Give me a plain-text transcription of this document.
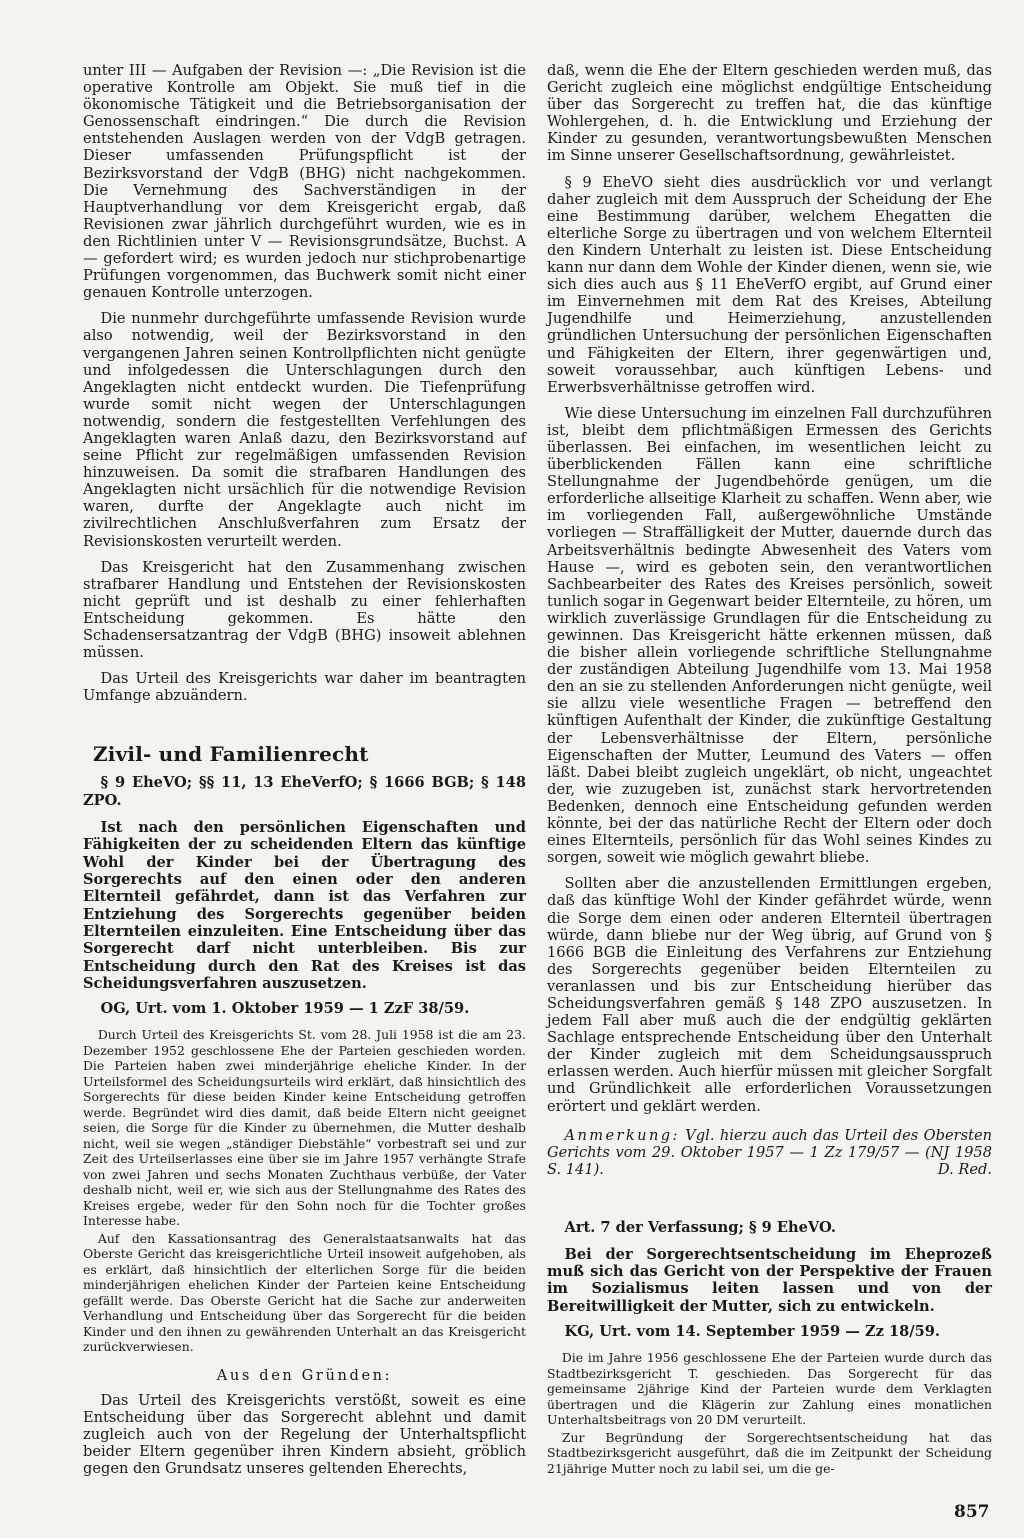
unter III — Aufgaben der Revision —: „Die Revision ist die operative Kontrolle am Objekt. Sie muß tief in die ökonomische Tätigkeit und die Betriebsorganisation der Genossenschaft eindringen.“ Die durch die Revision entstehenden Auslagen werden von der VdgB getragen. Dieser umfassenden Prüfungspflicht ist der Bezirksvorstand der VdgB (BHG) nicht nachgekommen. Die Vernehmung des Sachverständigen in der Hauptverhandlung vor dem Kreisgericht ergab, daß Revisionen zwar jährlich durchgeführt wurden, wie es in den Richtlinien unter V — Revisionsgrundsätze, Buchst. A — gefordert wird; es wurden jedoch nur stichprobenartige Prüfungen vorgenommen, das Buchwerk somit nicht einer genauen Kontrolle unterzogen.

Die nunmehr durchgeführte umfassende Revision wurde also notwendig, weil der Bezirksvorstand in den vergangenen Jahren seinen Kontrollpflichten nicht genügte und infolgedessen die Unterschlagungen durch den Angeklagten nicht entdeckt wurden. Die Tiefenprüfung wurde somit nicht wegen der Unterschlagungen notwendig, sondern die festgestellten Verfehlungen des Angeklagten waren Anlaß dazu, den Bezirksvorstand auf seine Pflicht zur regelmäßigen umfassenden Revision hinzuweisen. Da somit die strafbaren Handlungen des Angeklagten nicht ursächlich für die notwendige Revision waren, durfte der Angeklagte auch nicht im zivilrechtlichen Anschlußverfahren zum Ersatz der Revisionskosten verurteilt werden.

Das Kreisgericht hat den Zusammenhang zwischen strafbarer Handlung und Entstehen der Revisionskosten nicht geprüft und ist deshalb zu einer fehlerhaften Entscheidung gekommen. Es hätte den Schadensersatzantrag der VdgB (BHG) insoweit ablehnen müssen.

Das Urteil des Kreisgerichts war daher im beantragten Umfange abzuändern.

Zivil- und Familienrecht

§ 9 EheVO; §§ 11, 13 EheVerfO; § 1666 BGB; § 148 ZPO.

Ist nach den persönlichen Eigenschaften und Fähigkeiten der zu scheidenden Eltern das künftige Wohl der Kinder bei der Übertragung des Sorgerechts auf den einen oder den anderen Elternteil gefährdet, dann ist das Verfahren zur Entziehung des Sorgerechts gegenüber beiden Elternteilen einzuleiten. Eine Entscheidung über das Sorgerecht darf nicht unterbleiben. Bis zur Entscheidung durch den Rat des Kreises ist das Scheidungsverfahren auszusetzen.

OG, Urt. vom 1. Oktober 1959 — 1 ZzF 38/59.

Durch Urteil des Kreisgerichts St. vom 28. Juli 1958 ist die am 23. Dezember 1952 geschlossene Ehe der Parteien geschieden worden. Die Parteien haben zwei minderjährige eheliche Kinder. In der Urteilsformel des Scheidungsurteils wird erklärt, daß hinsichtlich des Sorgerechts für diese beiden Kinder keine Entscheidung getroffen werde. Begründet wird dies damit, daß beide Eltern nicht geeignet seien, die Sorge für die Kinder zu übernehmen, die Mutter deshalb nicht, weil sie wegen „ständiger Diebstähle“ vorbestraft sei und zur Zeit des Urteilserlasses eine über sie im Jahre 1957 verhängte Strafe von zwei Jahren und sechs Monaten Zuchthaus verbüße, der Vater deshalb nicht, weil er, wie sich aus der Stellungnahme des Rates des Kreises ergebe, weder für den Sohn noch für die Tochter großes Interesse habe.

Auf den Kassationsantrag des Generalstaatsanwalts hat das Oberste Gericht das kreisgerichtliche Urteil insoweit aufgehoben, als es erklärt, daß hinsichtlich der elterlichen Sorge für die beiden minderjährigen ehelichen Kinder der Parteien keine Entscheidung gefällt werde. Das Oberste Gericht hat die Sache zur anderweiten Verhandlung und Entscheidung über das Sorgerecht für die beiden Kinder und den ihnen zu gewährenden Unterhalt an das Kreisgericht zurückverwiesen.

Aus den Gründen:

Das Urteil des Kreisgerichts verstößt, soweit es eine Entscheidung über das Sorgerecht ablehnt und damit zugleich auch von der Regelung der Unterhaltspflicht beider Eltern gegenüber ihren Kindern absieht, gröblich gegen den Grundsatz unseres geltenden Eherechts,

daß, wenn die Ehe der Eltern geschieden werden muß, das Gericht zugleich eine möglichst endgültige Entscheidung über das Sorgerecht zu treffen hat, die das künftige Wohlergehen, d. h. die Entwicklung und Erziehung der Kinder zu gesunden, verantwortungsbewußten Menschen im Sinne unserer Gesellschaftsordnung, gewährleistet.

§ 9 EheVO sieht dies ausdrücklich vor und verlangt daher zugleich mit dem Ausspruch der Scheidung der Ehe eine Bestimmung darüber, welchem Ehegatten die elterliche Sorge zu übertragen und von welchem Elternteil den Kindern Unterhalt zu leisten ist. Diese Entscheidung kann nur dann dem Wohle der Kinder dienen, wenn sie, wie sich dies auch aus § 11 EheVerfO ergibt, auf Grund einer im Einvernehmen mit dem Rat des Kreises, Abteilung Jugendhilfe und Heimerziehung, anzustellenden gründlichen Untersuchung der persönlichen Eigenschaften und Fähigkeiten der Eltern, ihrer gegenwärtigen und, soweit voraussehbar, auch künftigen Lebens- und Erwerbsverhältnisse getroffen wird.

Wie diese Untersuchung im einzelnen Fall durchzuführen ist, bleibt dem pflichtmäßigen Ermessen des Gerichts überlassen. Bei einfachen, im wesentlichen leicht zu überblickenden Fällen kann eine schriftliche Stellungnahme der Jugendbehörde genügen, um die erforderliche allseitige Klarheit zu schaffen. Wenn aber, wie im vorliegenden Fall, außergewöhnliche Umstände vorliegen — Straffälligkeit der Mutter, dauernde durch das Arbeitsverhältnis bedingte Abwesenheit des Vaters vom Hause —, wird es geboten sein, den verantwortlichen Sachbearbeiter des Rates des Kreises persönlich, soweit tunlich sogar in Gegenwart beider Elternteile, zu hören, um wirklich zuverlässige Grundlagen für die Entscheidung zu gewinnen. Das Kreisgericht hätte erkennen müssen, daß die bisher allein vorliegende schriftliche Stellungnahme der zuständigen Abteilung Jugendhilfe vom 13. Mai 1958 den an sie zu stellenden Anforderungen nicht genügte, weil sie allzu viele wesentliche Fragen — betreffend den künftigen Aufenthalt der Kinder, die zukünftige Gestaltung der Lebensverhältnisse der Eltern, persönliche Eigenschaften der Mutter, Leumund des Vaters — offen läßt. Dabei bleibt zugleich ungeklärt, ob nicht, ungeachtet der, wie zuzugeben ist, zunächst stark hervortretenden Bedenken, dennoch eine Entscheidung gefunden werden könnte, bei der das natürliche Recht der Eltern oder doch eines Elternteils, persönlich für das Wohl seines Kindes zu sorgen, soweit wie möglich gewahrt bliebe.

Sollten aber die anzustellenden Ermittlungen ergeben, daß das künftige Wohl der Kinder gefährdet würde, wenn die Sorge dem einen oder anderen Elternteil übertragen würde, dann bliebe nur der Weg übrig, auf Grund von § 1666 BGB die Einleitung des Verfahrens zur Entziehung des Sorgerechts gegenüber beiden Elternteilen zu veranlassen und bis zur Entscheidung hierüber das Scheidungsverfahren gemäß § 148 ZPO auszusetzen. In jedem Fall aber muß auch die der endgültig geklärten Sachlage entsprechende Entscheidung über den Unterhalt der Kinder zugleich mit dem Scheidungsausspruch erlassen werden. Auch hierfür müssen mit gleicher Sorgfalt und Gründlichkeit alle erforderlichen Voraussetzungen erörtert und geklärt werden.

Anmerkung: Vgl. hierzu auch das Urteil des Obersten Gerichts vom 29. Oktober 1957 — 1 Zz 179/57 — (NJ 1958 S. 141).	D. Red.

Art. 7 der Verfassung; § 9 EheVO.

Bei der Sorgerechtsentscheidung im Eheprozeß muß sich das Gericht von der Perspektive der Frauen im Sozialismus leiten lassen und von der Bereitwilligkeit der Mutter, sich zu entwickeln.

KG, Urt. vom 14. September 1959 — Zz 18/59.

Die im Jahre 1956 geschlossene Ehe der Parteien wurde durch das Stadtbezirksgericht T. geschieden. Das Sorgerecht für das gemeinsame 2jährige Kind der Parteien wurde dem Verklagten übertragen und die Klägerin zur Zahlung eines monatlichen Unterhaltsbeitrags von 20 DM verurteilt.

Zur Begründung der Sorgerechtsentscheidung hat das Stadtbezirksgericht ausgeführt, daß die im Zeitpunkt der Scheidung 21jährige Mutter noch zu labil sei, um die ge-

857
